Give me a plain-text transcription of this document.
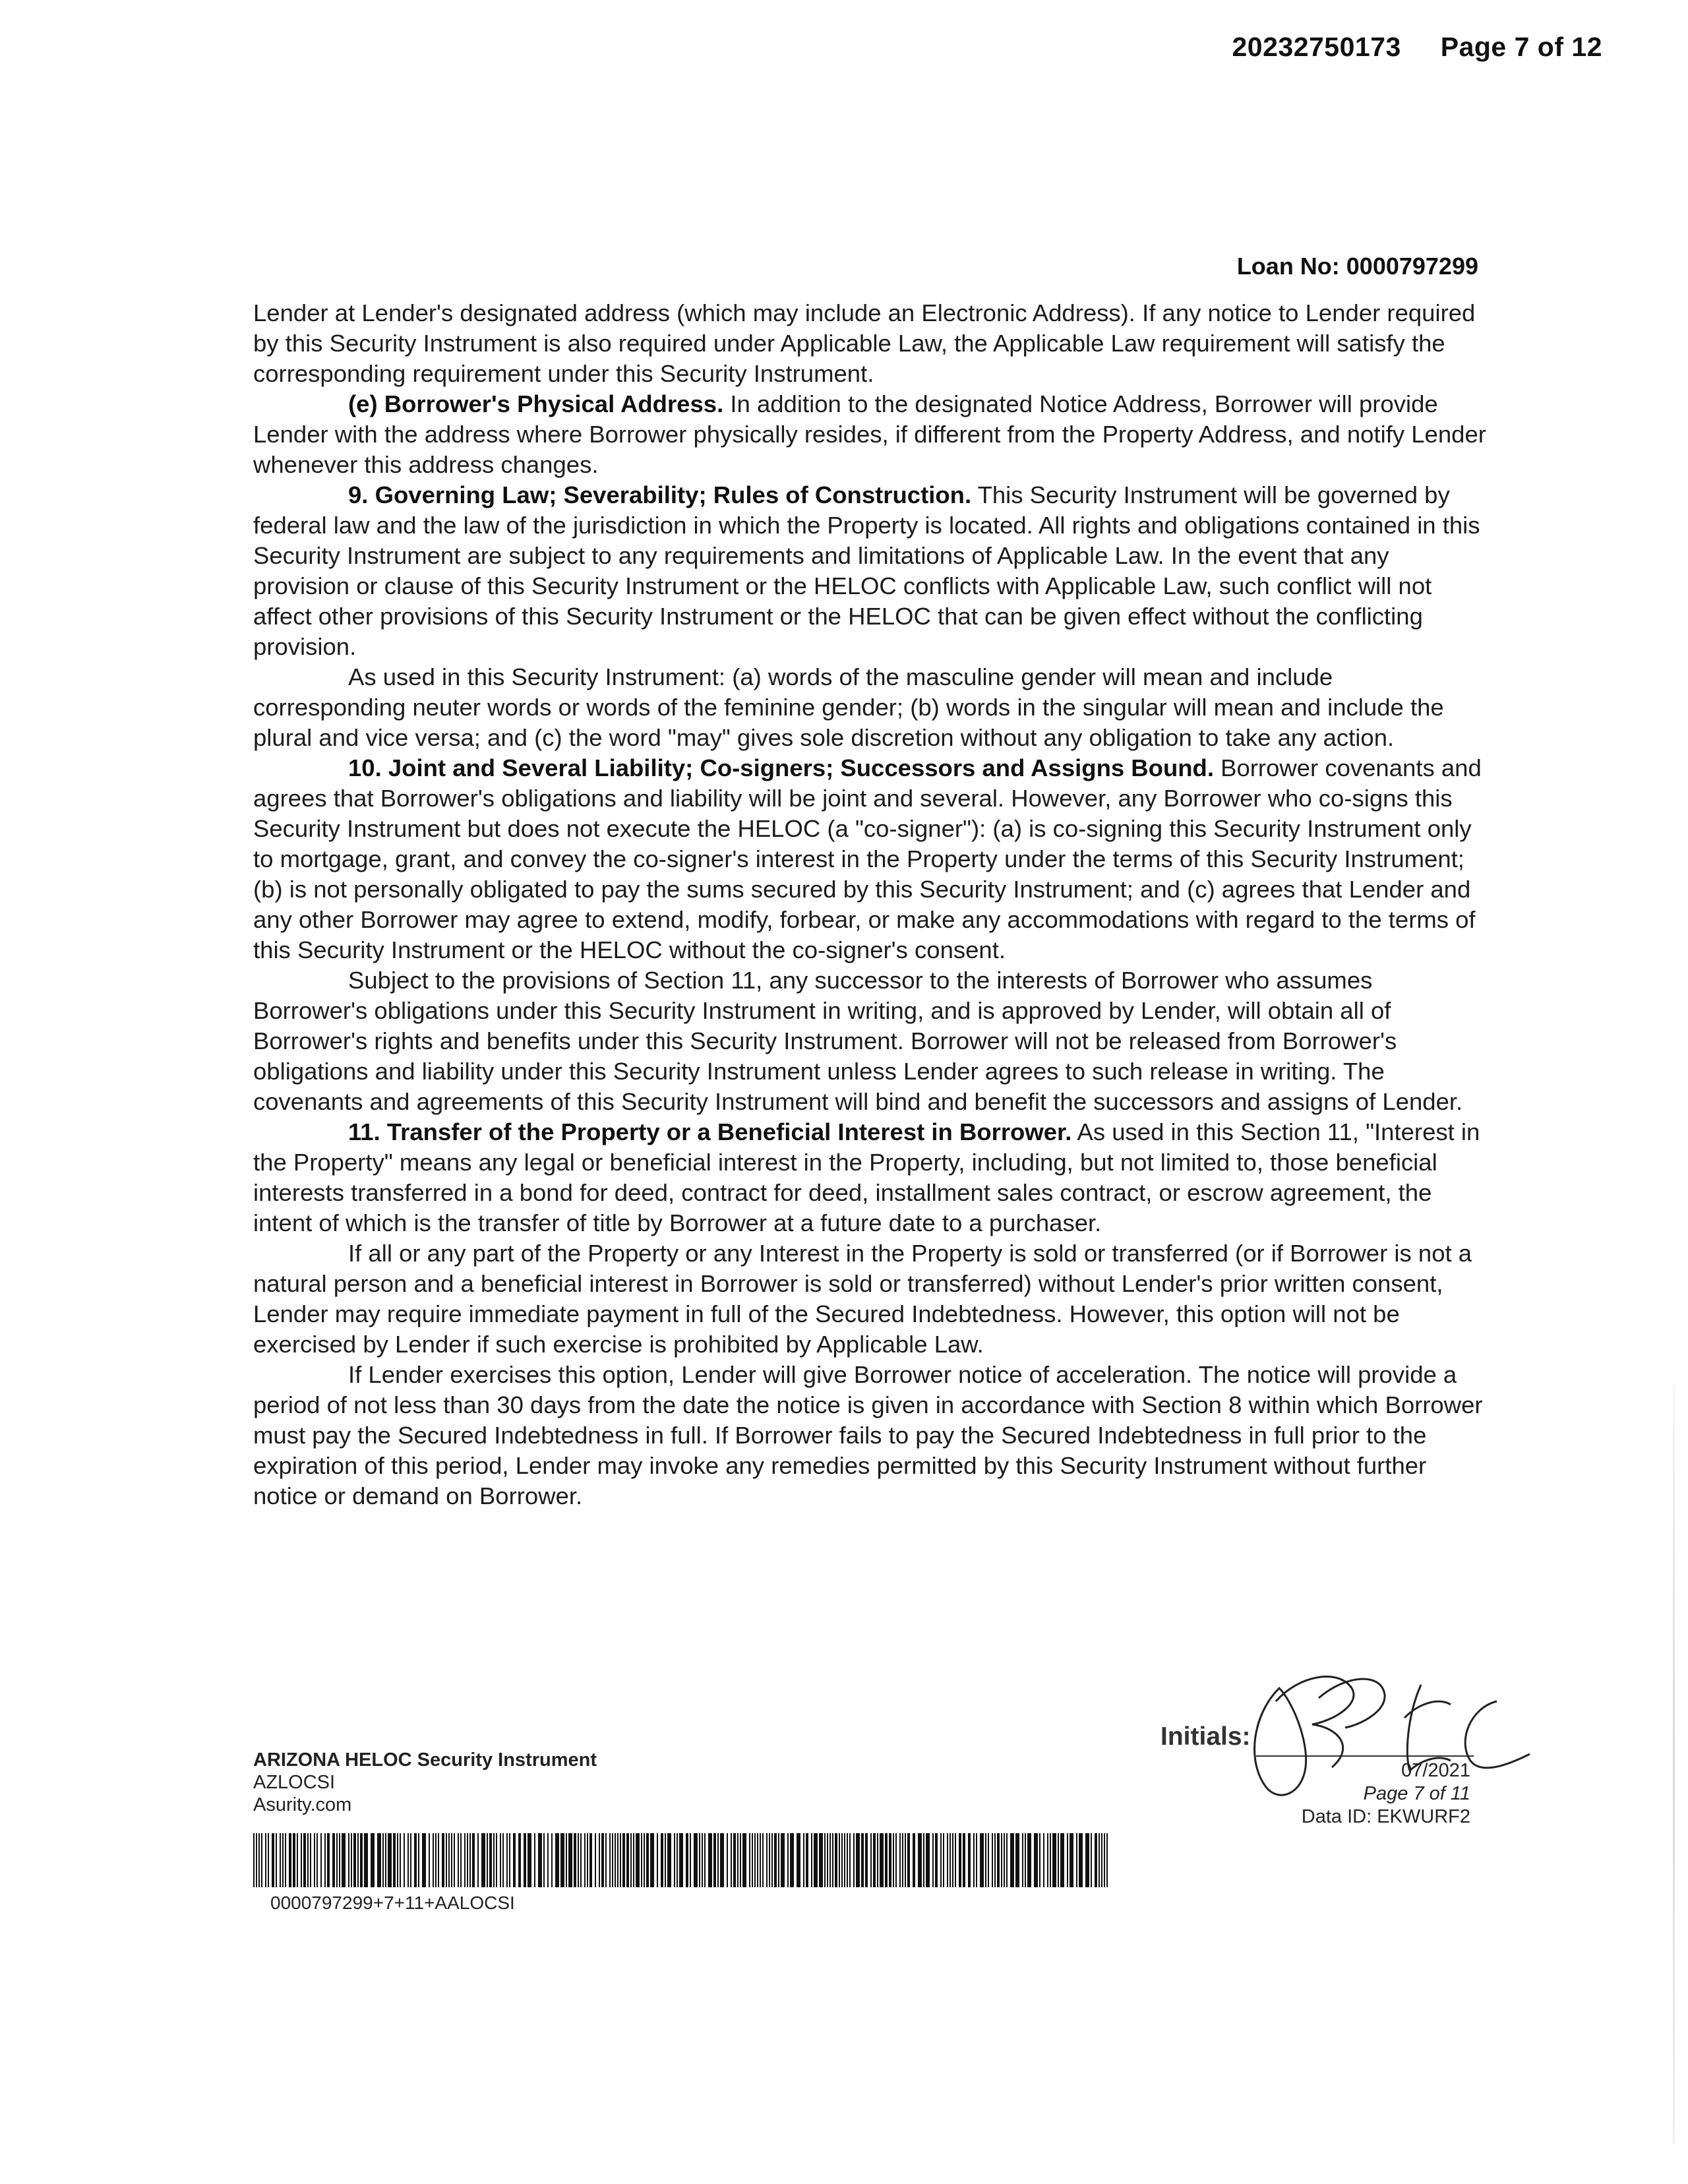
20232750173 Page 7 of 12
Loan No: 0000797299

Lender at Lender's designated address (which may include an Electronic Address). If any notice to Lender required by this Security Instrument is also required under Applicable Law, the Applicable Law requirement will satisfy the corresponding requirement under this Security Instrument.

(e) Borrower's Physical Address. In addition to the designated Notice Address, Borrower will provide Lender with the address where Borrower physically resides, if different from the Property Address, and notify Lender whenever this address changes.

9. Governing Law; Severability; Rules of Construction. This Security Instrument will be governed by federal law and the law of the jurisdiction in which the Property is located. All rights and obligations contained in this Security Instrument are subject to any requirements and limitations of Applicable Law. In the event that any provision or clause of this Security Instrument or the HELOC conflicts with Applicable Law, such conflict will not affect other provisions of this Security Instrument or the HELOC that can be given effect without the conflicting provision.

As used in this Security Instrument: (a) words of the masculine gender will mean and include corresponding neuter words or words of the feminine gender; (b) words in the singular will mean and include the plural and vice versa; and (c) the word "may" gives sole discretion without any obligation to take any action.

10. Joint and Several Liability; Co-signers; Successors and Assigns Bound. Borrower covenants and agrees that Borrower's obligations and liability will be joint and several. However, any Borrower who co-signs this Security Instrument but does not execute the HELOC (a "co-signer"): (a) is co-signing this Security Instrument only to mortgage, grant, and convey the co-signer's interest in the Property under the terms of this Security Instrument; (b) is not personally obligated to pay the sums secured by this Security Instrument; and (c) agrees that Lender and any other Borrower may agree to extend, modify, forbear, or make any accommodations with regard to the terms of this Security Instrument or the HELOC without the co-signer's consent.

Subject to the provisions of Section 11, any successor to the interests of Borrower who assumes Borrower's obligations under this Security Instrument in writing, and is approved by Lender, will obtain all of Borrower's rights and benefits under this Security Instrument. Borrower will not be released from Borrower's obligations and liability under this Security Instrument unless Lender agrees to such release in writing. The covenants and agreements of this Security Instrument will bind and benefit the successors and assigns of Lender.

11. Transfer of the Property or a Beneficial Interest in Borrower. As used in this Section 11, "Interest in the Property" means any legal or beneficial interest in the Property, including, but not limited to, those beneficial interests transferred in a bond for deed, contract for deed, installment sales contract, or escrow agreement, the intent of which is the transfer of title by Borrower at a future date to a purchaser.

If all or any part of the Property or any Interest in the Property is sold or transferred (or if Borrower is not a natural person and a beneficial interest in Borrower is sold or transferred) without Lender's prior written consent, Lender may require immediate payment in full of the Secured Indebtedness. However, this option will not be exercised by Lender if such exercise is prohibited by Applicable Law.

If Lender exercises this option, Lender will give Borrower notice of acceleration. The notice will provide a period of not less than 30 days from the date the notice is given in accordance with Section 8 within which Borrower must pay the Secured Indebtedness in full. If Borrower fails to pay the Secured Indebtedness in full prior to the expiration of this period, Lender may invoke any remedies permitted by this Security Instrument without further notice or demand on Borrower.

ARIZONA HELOC Security Instrument
AZLOCSI
Asurity.com
0000797299+7+11+AALOCSI
Initials:
07/2021
Page 7 of 11
Data ID: EKWURF2
